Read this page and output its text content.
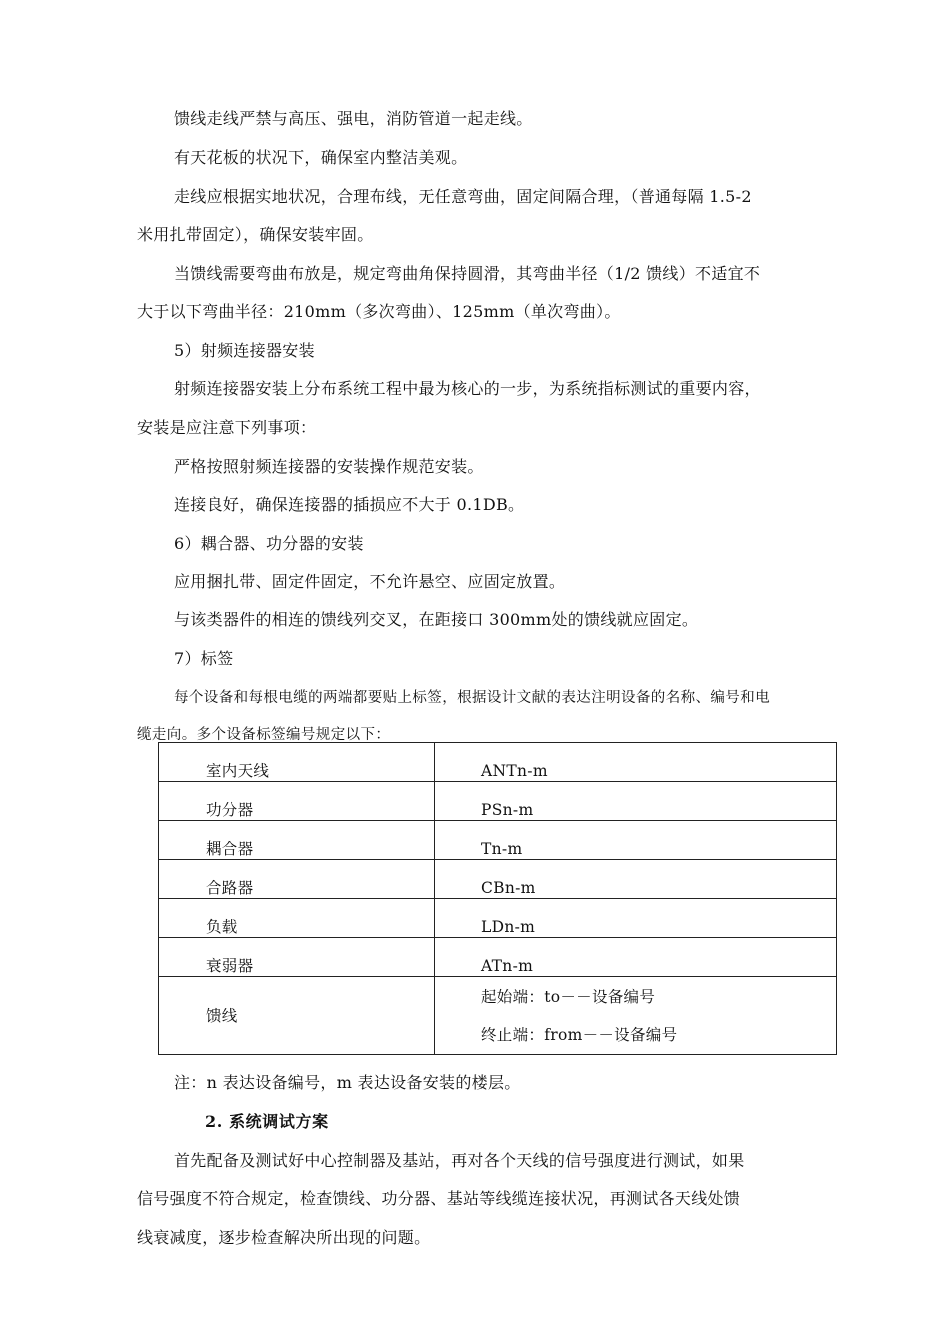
馈线走线严禁与高压、强电，消防管道一起走线。

有天花板的状况下，确保室内整洁美观。

走线应根据实地状况，合理布线，无任意弯曲，固定间隔合理，（普通每隔 1.5-2

米用扎带固定），确保安装牢固。

当馈线需要弯曲布放是，规定弯曲角保持圆滑，其弯曲半径（1/2 馈线）不适宜不

大于以下弯曲半径：210mm（多次弯曲）、125mm（单次弯曲）。

5）射频连接器安装

射频连接器安装上分布系统工程中最为核心的一步，为系统指标测试的重要内容，

安装是应注意下列事项：

严格按照射频连接器的安装操作规范安装。

连接良好，确保连接器的插损应不大于 0.1DB。

6）耦合器、功分器的安装

应用捆扎带、固定件固定，不允许悬空、应固定放置。

与该类器件的相连的馈线列交叉，在距接口 300mm处的馈线就应固定。

7）标签

每个设备和每根电缆的两端都要贴上标签，根据设计文献的表达注明设备的名称、编号和电

缆走向。多个设备标签编号规定以下：

室内天线	ANTn-m
功分器	PSn-m
耦合器	Tn-m
合路器	CBn-m
负载	LDn-m
衰弱器	ATn-m
馈线	起始端：to－－设备编号
终止端：from－－设备编号

注：n 表达设备编号，m 表达设备安装的楼层。

2. 系统调试方案

首先配备及测试好中心控制器及基站，再对各个天线的信号强度进行测试，如果

信号强度不符合规定，检查馈线、功分器、基站等线缆连接状况，再测试各天线处馈

线衰减度，逐步检查解决所出现的问题。
